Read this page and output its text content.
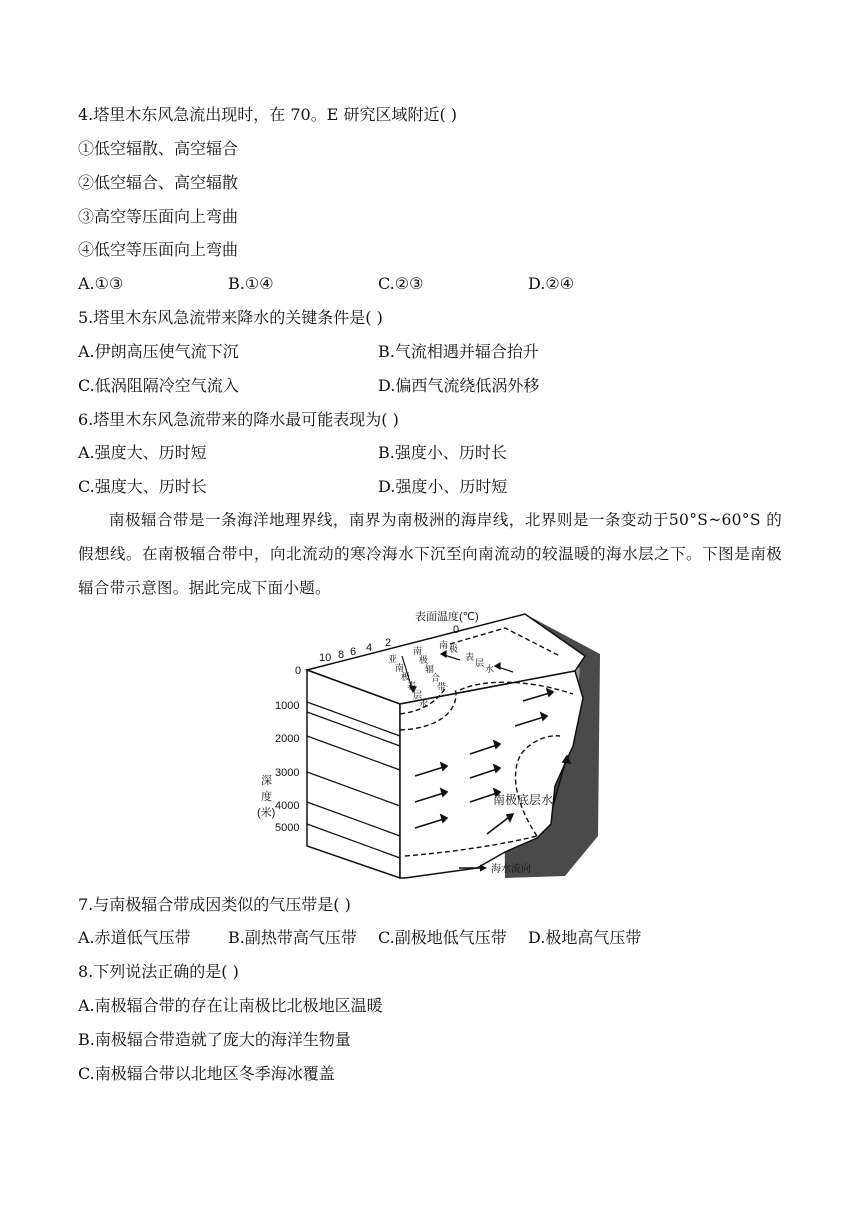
4.塔里木东风急流出现时，在 70。E 研究区域附近( )
①低空辐散、高空辐合
②低空辐合、高空辐散
③高空等压面向上弯曲
④低空等压面向上弯曲
A.①③	B.①④	C.②③	D.②④
5.塔里木东风急流带来降水的关键条件是( )
A.伊朗高压使气流下沉	B.气流相遇并辐合抬升
C.低涡阻隔冷空气流入	D.偏西气流绕低涡外移
6.塔里木东风急流带来的降水最可能表现为( )
A.强度大、历时短	B.强度小、历时长
C.强度大、历时长	D.强度小、历时短
南极辐合带是一条海洋地理界线，南界为南极洲的海岸线，北界则是一条变动于50°S~60°S 的假想线。在南极辐合带中，向北流动的寒冷海水下沉至向南流动的较温暖的海水层之下。下图是南极辐合带示意图。据此完成下面小题。
表面温度(℃)
0
2
4
6
8
10
0
1000
2000
3000
4000
5000
深
度
(米)
亚
南
极
表
层
水
南
极
辐
合
带
南 极
表
层
水
南极底层水
海水流向
7.与南极辐合带成因类似的气压带是( )
A.赤道低气压带 B.副热带高气压带 C.副极地低气压带 D.极地高气压带
8.下列说法正确的是( )
A.南极辐合带的存在让南极比北极地区温暖
B.南极辐合带造就了庞大的海洋生物量
C.南极辐合带以北地区冬季海冰覆盖
